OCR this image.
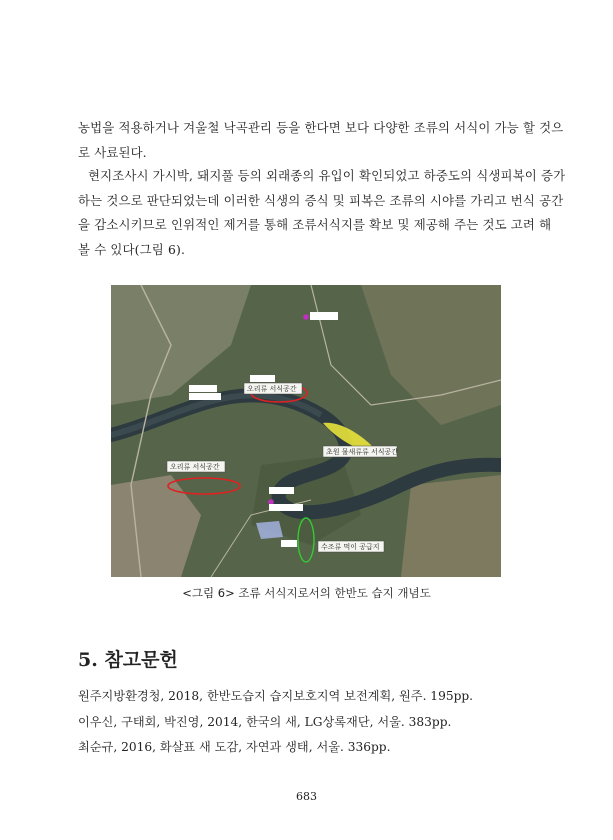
농법을 적용하거나 겨울철 낙곡관리 등을 한다면 보다 다양한 조류의 서식이 가능 할 것으
로 사료된다.
현지조사시 가시박, 돼지풀 등의 외래종의 유입이 확인되었고 하중도의 식생피복이 증가
하는 것으로 판단되었는데 이러한 식생의 증식 및 피복은 조류의 시야를 가리고 번식 공간
을 감소시키므로 인위적인 제거를 통해 조류서식지를 확보 및 제공해 주는 것도 고려 해
볼 수 있다(그림 6).
오리류 서식공간
초원 물새류류 서식공간
오리류 서식공간
수조류 먹이 공급지
<그림 6> 조류 서식지로서의 한반도 습지 개념도
5. 참고문헌
원주지방환경청, 2018, 한반도습지 습지보호지역 보전계획, 원주. 195pp.
이우신, 구태회, 박진영, 2014, 한국의 새, LG상록재단, 서울. 383pp.
최순규, 2016, 화살표 새 도감, 자연과 생태, 서울. 336pp.
683
